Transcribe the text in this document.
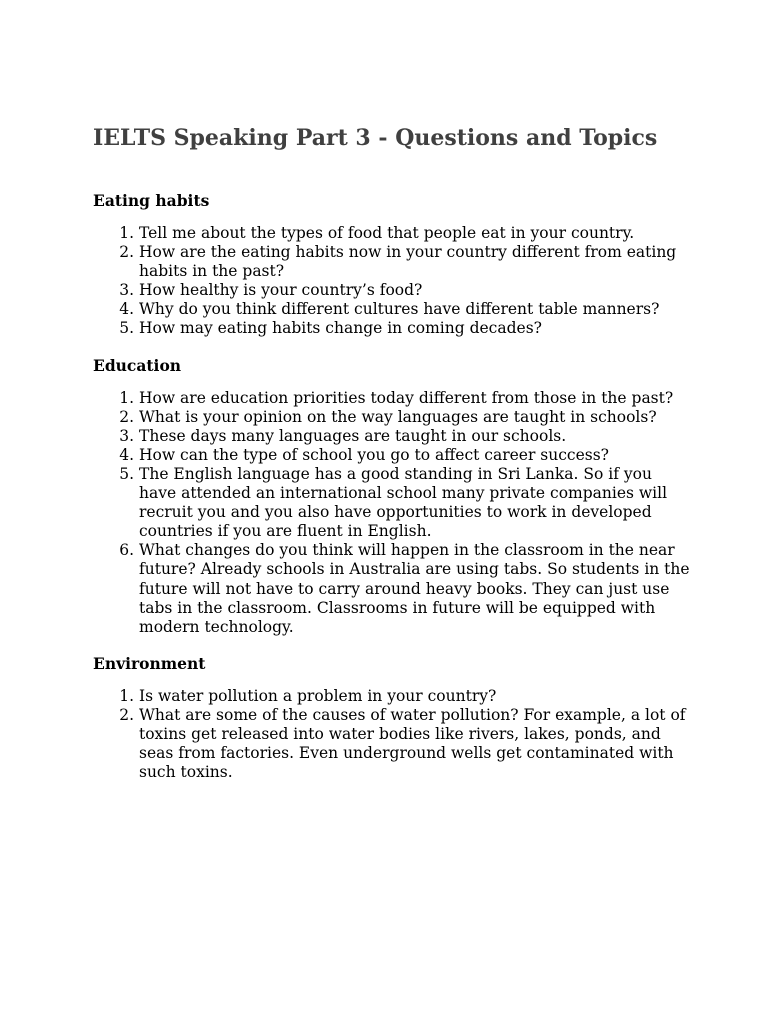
IELTS Speaking Part 3 - Questions and Topics
Eating habits
1. Tell me about the types of food that people eat in your country.
2. How are the eating habits now in your country different from eating habits in the past?
3. How healthy is your country’s food?
4. Why do you think different cultures have different table manners?
5. How may eating habits change in coming decades?
Education
1. How are education priorities today different from those in the past?
2. What is your opinion on the way languages are taught in schools?
3. These days many languages are taught in our schools.
4. How can the type of school you go to affect career success?
5. The English language has a good standing in Sri Lanka. So if you have attended an international school many private companies will recruit you and you also have opportunities to work in developed countries if you are fluent in English.
6. What changes do you think will happen in the classroom in the near future? Already schools in Australia are using tabs. So students in the future will not have to carry around heavy books. They can just use tabs in the classroom. Classrooms in future will be equipped with modern technology.
Environment
1. Is water pollution a problem in your country?
2. What are some of the causes of water pollution? For example, a lot of toxins get released into water bodies like rivers, lakes, ponds, and seas from factories. Even underground wells get contaminated with such toxins.
